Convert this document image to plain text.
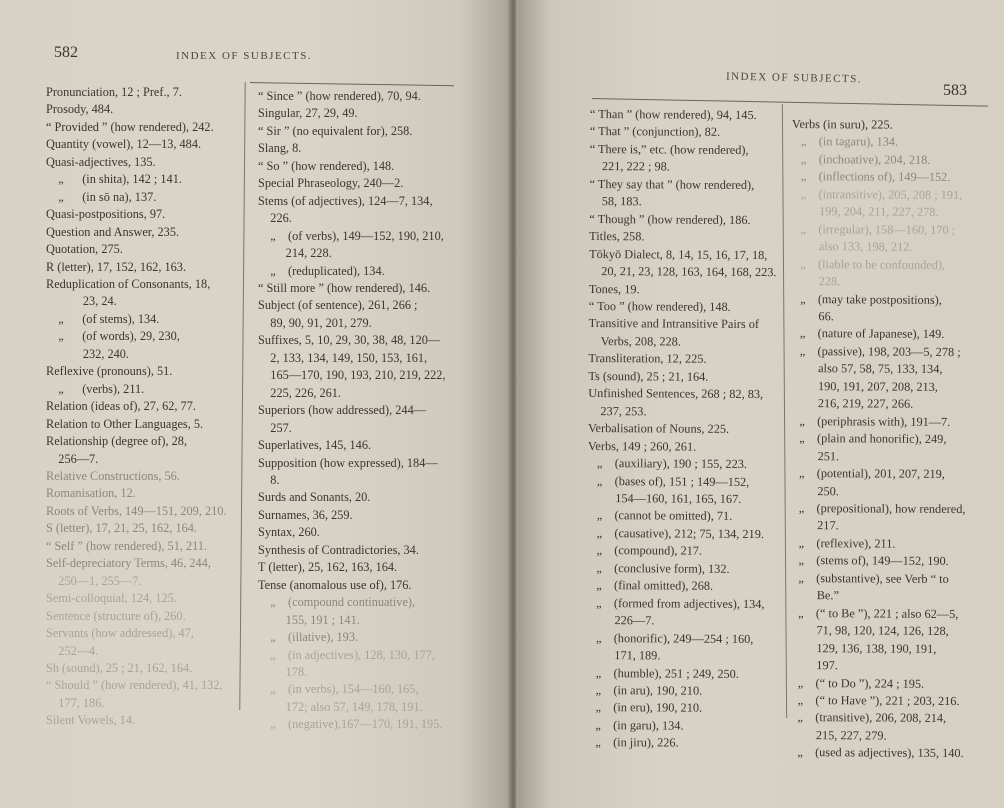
582	INDEX OF SUBJECTS.
Pronunciation, 12 ; Pref., 7.
Prosody, 484.
“ Provided ” (how rendered), 242.
Quantity (vowel), 12—13, 484.
Quasi-adjectives, 135.
„      (in shita), 142 ; 141.
„      (in sō na), 137.
Quasi-postpositions, 97.
Question and Answer, 235.
Quotation, 275.
R (letter), 17, 152, 162, 163.
Reduplication of Consonants, 18,
23, 24.
„      (of stems), 134.
„      (of words), 29, 230,
232, 240.
Reflexive (pronouns), 51.
„      (verbs), 211.
Relation (ideas of), 27, 62, 77.
Relation to Other Languages, 5.
Relationship (degree of), 28,
256—7.
Relative Constructions, 56.
Romanisation, 12.
Roots of Verbs, 149—151, 209, 210.
S (letter), 17, 21, 25, 162, 164.
“ Self ” (how rendered), 51, 211.
Self-depreciatory Terms, 46, 244,
250—1, 255—7.
Semi-colloquial, 124, 125.
Sentence (structure of), 260.
Servants (how addressed), 47,
252—4.
Sh (sound), 25 ; 21, 162, 164.
“ Should ” (how rendered), 41, 132,
177, 186.
Silent Vowels, 14.
“ Since ” (how rendered), 70, 94.
Singular, 27, 29, 49.
“ Sir ” (no equivalent for), 258.
Slang, 8.
“ So ” (how rendered), 148.
Special Phraseology, 240—2.
Stems (of adjectives), 124—7, 134,
226.
„    (of verbs), 149—152, 190, 210,
214, 228.
„    (reduplicated), 134.
“ Still more ” (how rendered), 146.
Subject (of sentence), 261, 266 ;
89, 90, 91, 201, 279.
Suffixes, 5, 10, 29, 30, 38, 48, 120—
2, 133, 134, 149, 150, 153, 161,
165—170, 190, 193, 210, 219, 222,
225, 226, 261.
Superiors (how addressed), 244—
257.
Superlatives, 145, 146.
Supposition (how expressed), 184—
8.
Surds and Sonants, 20.
Surnames, 36, 259.
Syntax, 260.
Synthesis of Contradictories, 34.
T (letter), 25, 162, 163, 164.
Tense (anomalous use of), 176.
„    (compound continuative),
155, 191 ; 141.
„    (illative), 193.
„    (in adjectives), 128, 130, 177,
178.
„    (in verbs), 154—160, 165,
172; also 57, 149, 178, 191.
„    (negative),167—170, 191, 195.
INDEX OF SUBJECTS.
583
“ Than ” (how rendered), 94, 145.
“ That ” (conjunction), 82.
“ There is,” etc. (how rendered),
221, 222 ; 98.
“ They say that ” (how rendered),
58, 183.
“ Though ” (how rendered), 186.
Titles, 258.
Tōkyō Dialect, 8, 14, 15, 16, 17, 18,
20, 21, 23, 128, 163, 164, 168, 223.
Tones, 19.
“ Too ” (how rendered), 148.
Transitive and Intransitive Pairs of
Verbs, 208, 228.
Transliteration, 12, 225.
Ts (sound), 25 ; 21, 164.
Unfinished Sentences, 268 ; 82, 83,
237, 253.
Verbalisation of Nouns, 225.
Verbs, 149 ; 260, 261.
„    (auxiliary), 190 ; 155, 223.
„    (bases of), 151 ; 149—152,
154—160, 161, 165, 167.
„    (cannot be omitted), 71.
„    (causative), 212; 75, 134, 219.
„    (compound), 217.
„    (conclusive form), 132.
„    (final omitted), 268.
„    (formed from adjectives), 134,
226—7.
„    (honorific), 249—254 ; 160,
171, 189.
„    (humble), 251 ; 249, 250.
„    (in aru), 190, 210.
„    (in eru), 190, 210.
„    (in garu), 134.
„    (in jiru), 226.
Verbs (in suru), 225.
„    (in tagaru), 134.
„    (inchoative), 204, 218.
„    (inflections of), 149—152.
„    (intransitive), 205, 208 ; 191,
199, 204, 211, 227, 278.
„    (irregular), 158—160, 170 ;
also 133, 198, 212.
„    (liable to be confounded),
228.
„    (may take postpositions),
66.
„    (nature of Japanese), 149.
„    (passive), 198, 203—5, 278 ;
also 57, 58, 75, 133, 134,
190, 191, 207, 208, 213,
216, 219, 227, 266.
„    (periphrasis with), 191—7.
„    (plain and honorific), 249,
251.
„    (potential), 201, 207, 219,
250.
„    (prepositional), how rendered,
217.
„    (reflexive), 211.
„    (stems of), 149—152, 190.
„    (substantive), see Verb “ to
Be.”
„    (“ to Be ”), 221 ; also 62—5,
71, 98, 120, 124, 126, 128,
129, 136, 138, 190, 191,
197.
„    (“ to Do ”), 224 ; 195.
„    (“ to Have ”), 221 ; 203, 216.
„    (transitive), 206, 208, 214,
215, 227, 279.
„    (used as adjectives), 135, 140.
